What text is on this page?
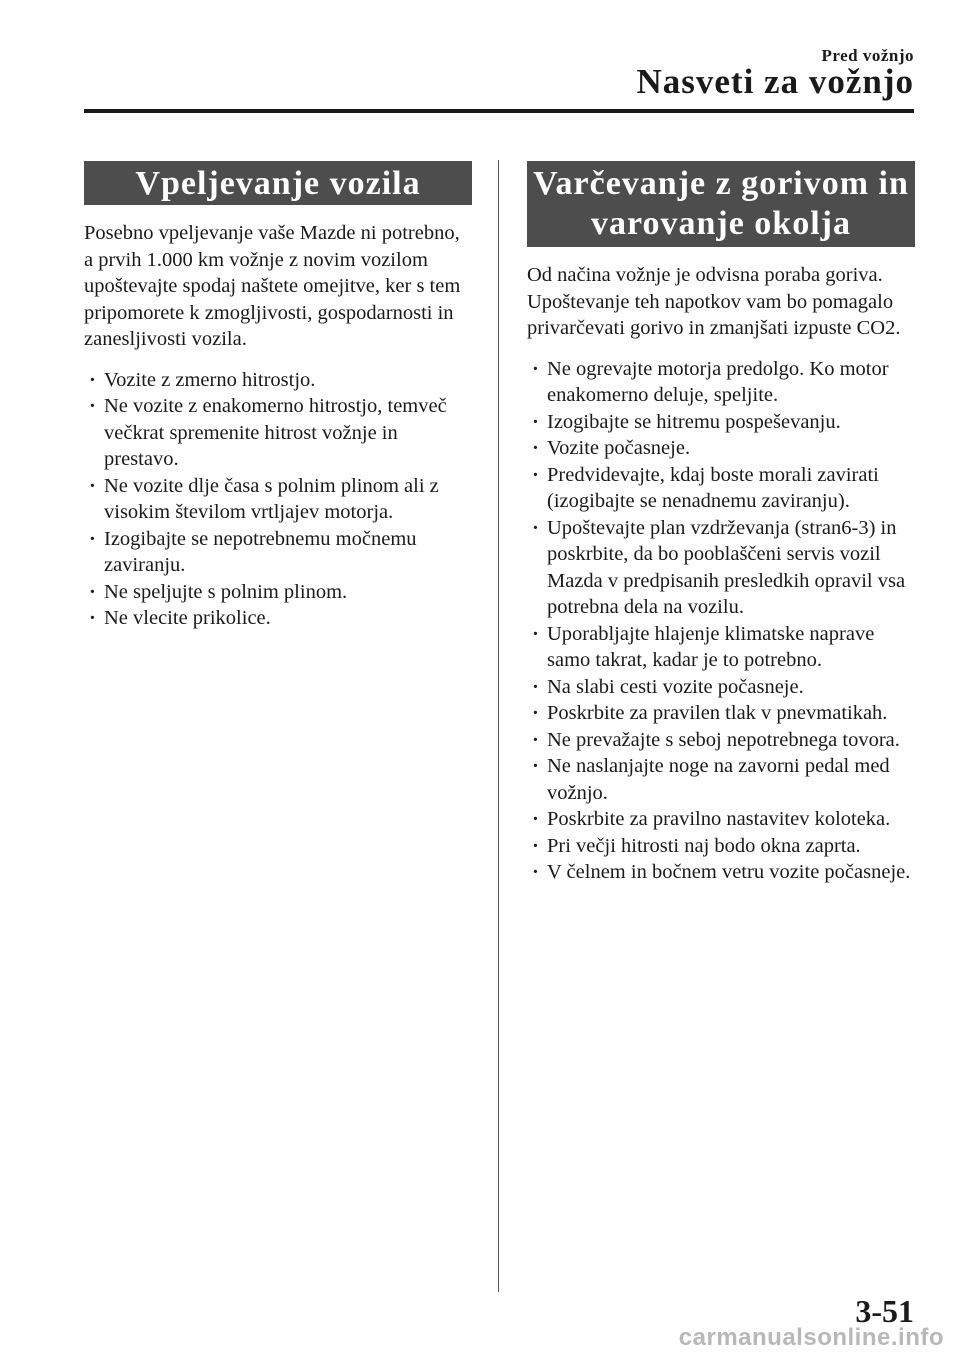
Pred vožnjo
Nasveti za vožnjo
Vpeljevanje vozila

Posebno vpeljevanje vaše Mazde ni potrebno, a prvih 1.000 km vožnje z novim vozilom upoštevajte spodaj naštete omejitve, ker s tem pripomorete k zmogljivosti, gospodarnosti in zanesljivosti vozila.

· Vozite z zmerno hitrostjo.
· Ne vozite z enakomerno hitrostjo, temveč večkrat spremenite hitrost vožnje in prestavo.
· Ne vozite dlje časa s polnim plinom ali z visokim številom vrtljajev motorja.
· Izogibajte se nepotrebnemu močnemu zaviranju.
· Ne speljujte s polnim plinom.
· Ne vlecite prikolice.
Varčevanje z gorivom in varovanje okolja

Od načina vožnje je odvisna poraba goriva. Upoštevanje teh napotkov vam bo pomagalo privarčevati gorivo in zmanjšati izpuste CO2.

· Ne ogrevajte motorja predolgo. Ko motor enakomerno deluje, speljite.
· Izogibajte se hitremu pospeševanju.
· Vozite počasneje.
· Predvidevajte, kdaj boste morali zavirati (izogibajte se nenadnemu zaviranju).
· Upoštevajte plan vzdrževanja (stran6-3) in poskrbite, da bo pooblaščeni servis vozil Mazda v predpisanih presledkih opravil vsa potrebna dela na vozilu.
· Uporabljajte hlajenje klimatske naprave samo takrat, kadar je to potrebno.
· Na slabi cesti vozite počasneje.
· Poskrbite za pravilen tlak v pnevmatikah.
· Ne prevažajte s seboj nepotrebnega tovora.
· Ne naslanjajte noge na zavorni pedal med vožnjo.
· Poskrbite za pravilno nastavitev koloteka.
· Pri večji hitrosti naj bodo okna zaprta.
· V čelnem in bočnem vetru vozite počasneje.
3-51
carmanualsonline.info
